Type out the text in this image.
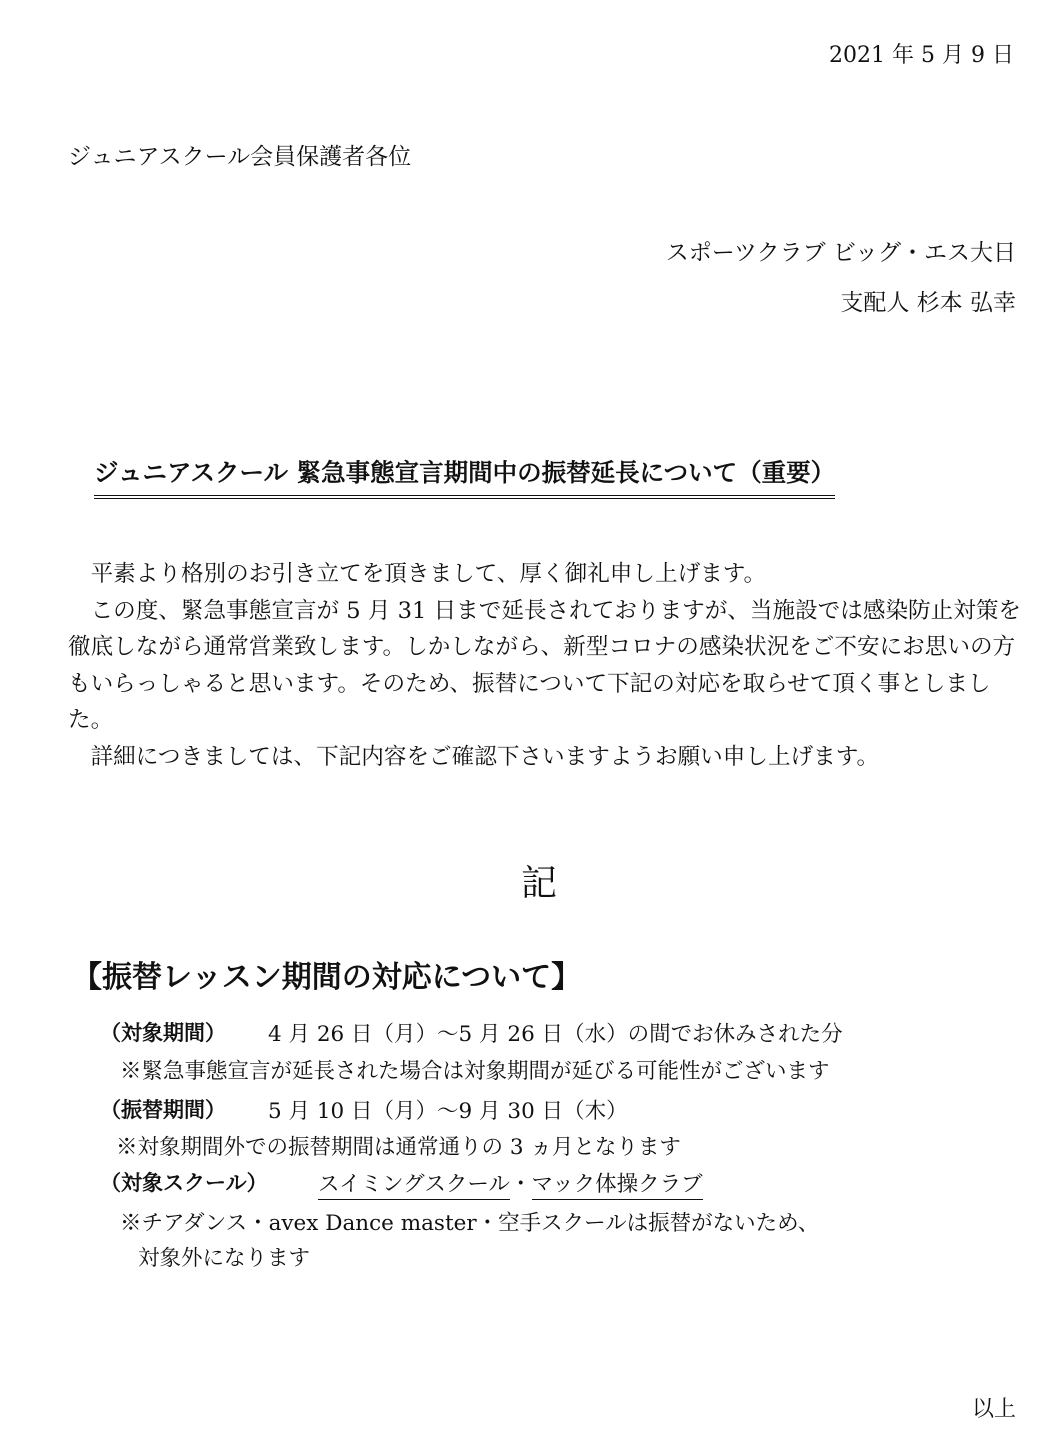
2021 年 5 月 9 日
ジュニアスクール会員保護者各位
スポーツクラブ ビッグ・エス大日
支配人 杉本 弘幸
ジュニアスクール 緊急事態宣言期間中の振替延長について（重要）

平素より格別のお引き立てを頂きまして、厚く御礼申し上げます。

この度、緊急事態宣言が 5 月 31 日まで延長されておりますが、当施設では感染防止対策を徹底しながら通常営業致します。しかしながら、新型コロナの感染状況をご不安にお思いの方もいらっしゃると思います。そのため、振替について下記の対応を取らせて頂く事としました。

詳細につきましては、下記内容をご確認下さいますようお願い申し上げます。

記
【振替レッスン期間の対応について】
（対象期間） 4 月 26 日（月）～5 月 26 日（水）の間でお休みされた分
※緊急事態宣言が延長された場合は対象期間が延びる可能性がございます
（振替期間） 5 月 10 日（月）～9 月 30 日（木）
※対象期間外での振替期間は通常通りの 3 ヵ月となります
（対象スクール） スイミングスクール・マック体操クラブ
※チアダンス・avex Dance master・空手スクールは振替がないため、
対象外になります
以上
